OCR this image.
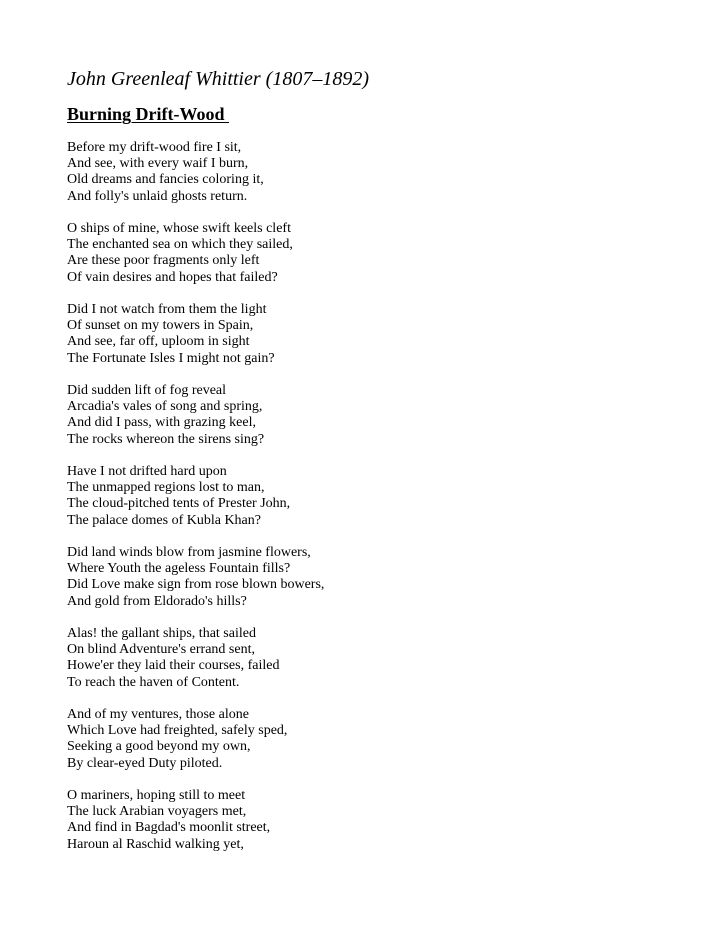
John Greenleaf Whittier (1807–1892)
Burning Drift-Wood
Before my drift-wood fire I sit,
And see, with every waif I burn,
Old dreams and fancies coloring it,
And folly's unlaid ghosts return.
O ships of mine, whose swift keels cleft
The enchanted sea on which they sailed,
Are these poor fragments only left
Of vain desires and hopes that failed?
Did I not watch from them the light
Of sunset on my towers in Spain,
And see, far off, uploom in sight
The Fortunate Isles I might not gain?
Did sudden lift of fog reveal
Arcadia's vales of song and spring,
And did I pass, with grazing keel,
The rocks whereon the sirens sing?
Have I not drifted hard upon
The unmapped regions lost to man,
The cloud-pitched tents of Prester John,
The palace domes of Kubla Khan?
Did land winds blow from jasmine flowers,
Where Youth the ageless Fountain fills?
Did Love make sign from rose blown bowers,
And gold from Eldorado's hills?
Alas! the gallant ships, that sailed
On blind Adventure's errand sent,
Howe'er they laid their courses, failed
To reach the haven of Content.
And of my ventures, those alone
Which Love had freighted, safely sped,
Seeking a good beyond my own,
By clear-eyed Duty piloted.
O mariners, hoping still to meet
The luck Arabian voyagers met,
And find in Bagdad's moonlit street,
Haroun al Raschid walking yet,
